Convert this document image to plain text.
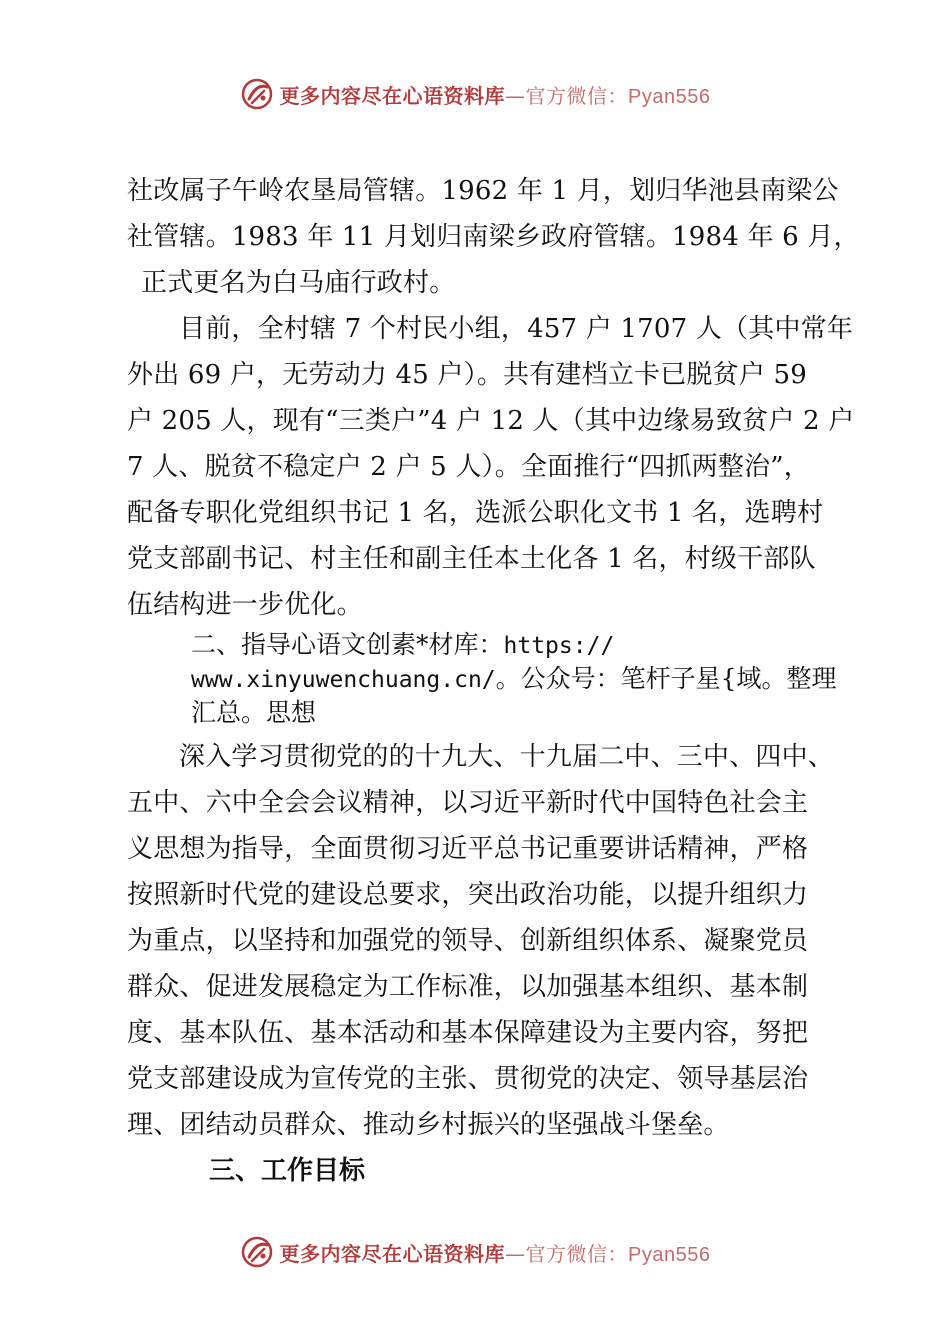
更多内容尽在心语资料库—官方微信：Pyan556
社改属子午岭农垦局管辖。1962 年 1 月，划归华池县南梁公
社管辖。1983 年 11 月划归南梁乡政府管辖。1984 年 6 月，
正式更名为白马庙行政村。
目前，全村辖 7 个村民小组，457 户 1707 人（其中常年
外出 69 户，无劳动力 45 户）。共有建档立卡已脱贫户 59
户 205 人，现有“三类户”4 户 12 人（其中边缘易致贫户 2 户
7 人、脱贫不稳定户 2 户 5 人）。全面推行“四抓两整治”，
配备专职化党组织书记 1 名，选派公职化文书 1 名，选聘村
党支部副书记、村主任和副主任本土化各 1 名，村级干部队
伍结构进一步优化。
二、指导心语文创素*材库：https://
www.xinyuwenchuang.cn/。公众号：笔杆子星{域。整理
汇总。思想
深入学习贯彻党的的十九大、十九届二中、三中、四中、
五中、六中全会会议精神，以习近平新时代中国特色社会主
义思想为指导，全面贯彻习近平总书记重要讲话精神，严格
按照新时代党的建设总要求，突出政治功能，以提升组织力
为重点，以坚持和加强党的领导、创新组织体系、凝聚党员
群众、促进发展稳定为工作标准，以加强基本组织、基本制
度、基本队伍、基本活动和基本保障建设为主要内容，努把
党支部建设成为宣传党的主张、贯彻党的决定、领导基层治
理、团结动员群众、推动乡村振兴的坚强战斗堡垒。
三、工作目标
更多内容尽在心语资料库—官方微信：Pyan556
